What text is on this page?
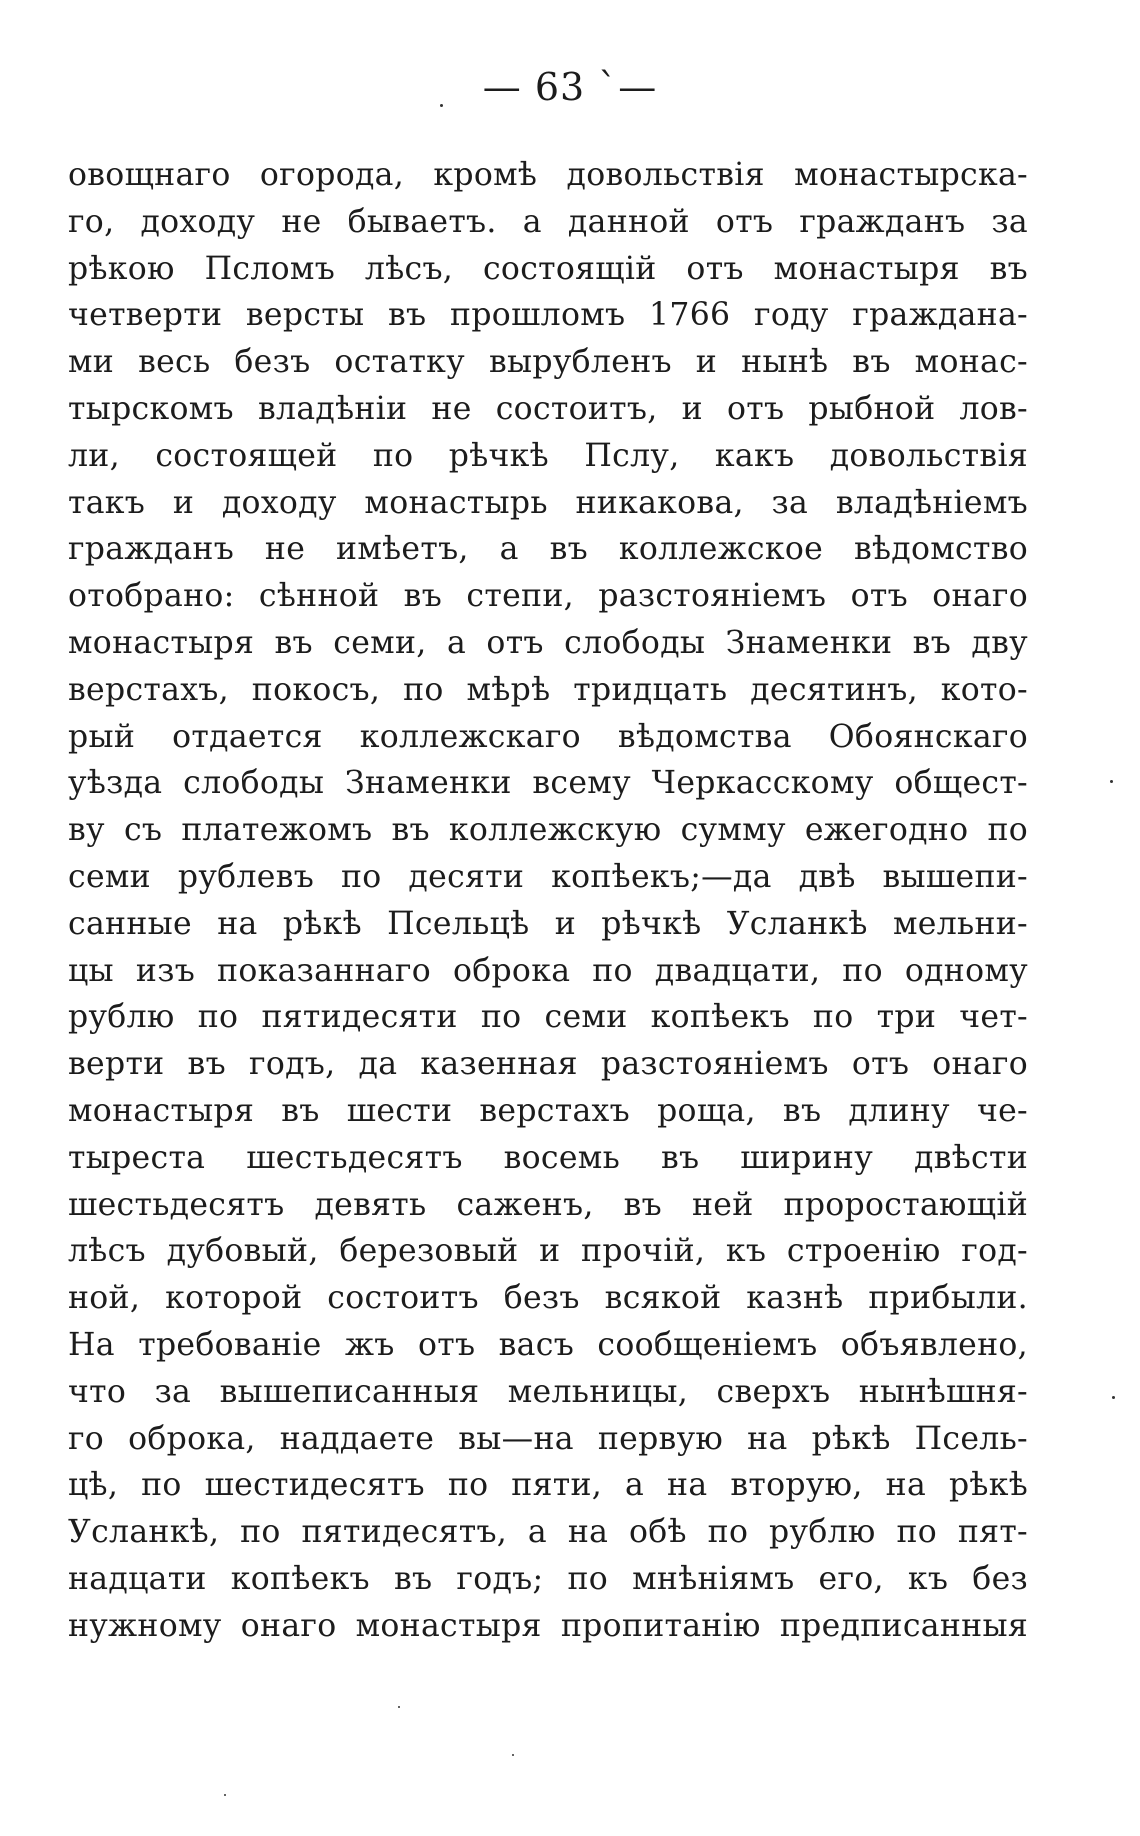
— 63 `—
овощнаго огорода, кромѣ довольствія монастырска-
го, доходу не бываетъ. а данной отъ гражданъ за
рѣкою Псломъ лѣсъ, состоящій отъ монастыря въ
четверти версты въ прошломъ 1766 году граждана-
ми весь безъ остатку вырубленъ и нынѣ въ монас-
тырскомъ владѣніи не состоитъ, и отъ рыбной лов-
ли, состоящей по рѣчкѣ Пслу, какъ довольствія
такъ и доходу монастырь никакова, за владѣніемъ
гражданъ не имѣетъ, а въ коллежское вѣдомство
отобрано: сѣнной въ степи, разстояніемъ отъ онаго
монастыря въ семи, а отъ слободы Знаменки въ дву
верстахъ, покосъ, по мѣрѣ тридцать десятинъ, кото-
рый отдается коллежскаго вѣдомства Обоянскаго
уѣзда слободы Знаменки всему Черкасскому общест-
ву съ платежомъ въ коллежскую сумму ежегодно по
семи рублевъ по десяти копѣекъ;—да двѣ вышепи-
санные на рѣкѣ Псельцѣ и рѣчкѣ Усланкѣ мельни-
цы изъ показаннаго оброка по двадцати, по одному
рублю по пятидесяти по семи копѣекъ по три чет-
верти въ годъ, да казенная разстояніемъ отъ онаго
монастыря въ шести верстахъ роща, въ длину че-
тыреста шестьдесятъ восемь въ ширину двѣсти
шестьдесятъ девять саженъ, въ ней проростающій
лѣсъ дубовый, березовый и прочій, къ строенію год-
ной, которой состоитъ безъ всякой казнѣ прибыли.
На требованіе жъ отъ васъ сообщеніемъ объявлено,
что за вышеписанныя мельницы, сверхъ нынѣшня-
го оброка, наддаете вы—на первую на рѣкѣ Псель-
цѣ, по шестидесятъ по пяти, а на вторую, на рѣкѣ
Усланкѣ, по пятидесятъ, а на обѣ по рублю по пят-
надцати копѣекъ въ годъ; по мнѣніямъ его, къ без
нужному онаго монастыря пропитанію предписанныя
